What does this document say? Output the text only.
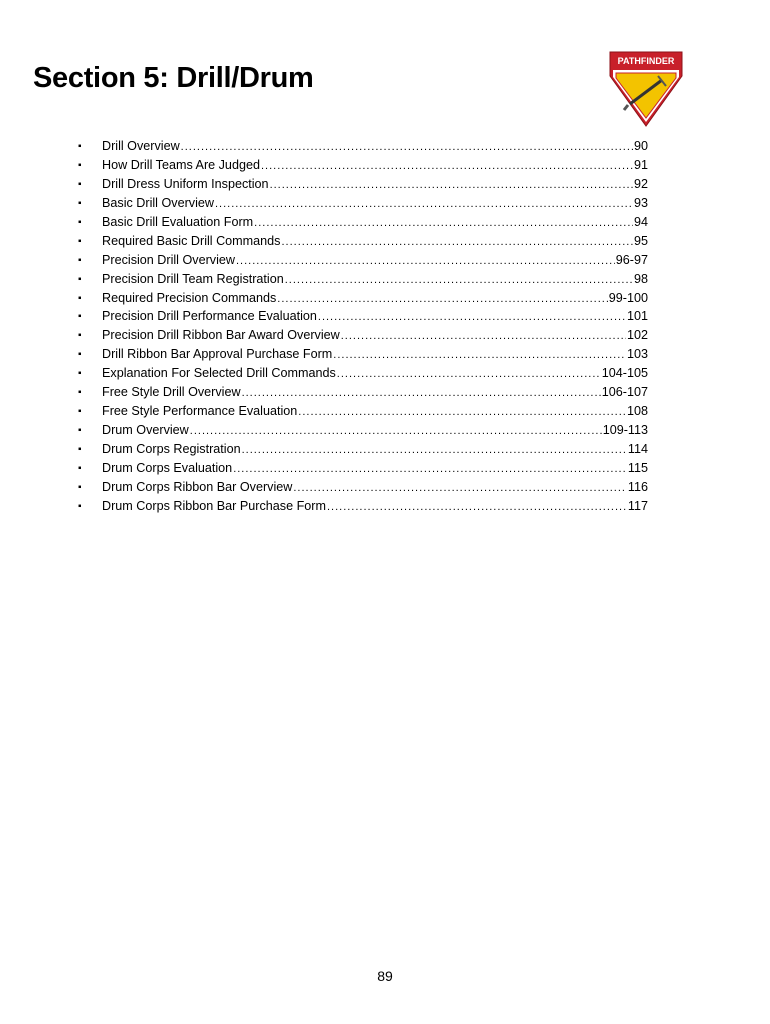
Section 5: Drill/Drum
PATHFINDER
▪	Drill Overview .....	90
▪	How Drill Teams Are Judged .....	91
▪	Drill Dress Uniform Inspection .....	92
▪	Basic Drill Overview .....	93
▪	Basic Drill Evaluation Form .....	94
▪	Required Basic Drill Commands .....	95
▪	Precision Drill Overview .....	96-97
▪	Precision Drill Team Registration .....	98
▪	Required Precision Commands .....	99-100
▪	Precision Drill Performance Evaluation .....	101
▪	Precision Drill Ribbon Bar Award Overview .....	102
▪	Drill Ribbon Bar Approval Purchase Form .....	103
▪	Explanation For Selected Drill Commands .....	104-105
▪	Free Style Drill Overview .....	106-107
▪	Free Style Performance Evaluation .....	108
▪	Drum Overview .....	109-113
▪	Drum Corps Registration .....	114
▪	Drum Corps Evaluation .....	115
▪	Drum Corps Ribbon Bar Overview .....	116
▪	Drum Corps Ribbon Bar Purchase Form .....	117
89
